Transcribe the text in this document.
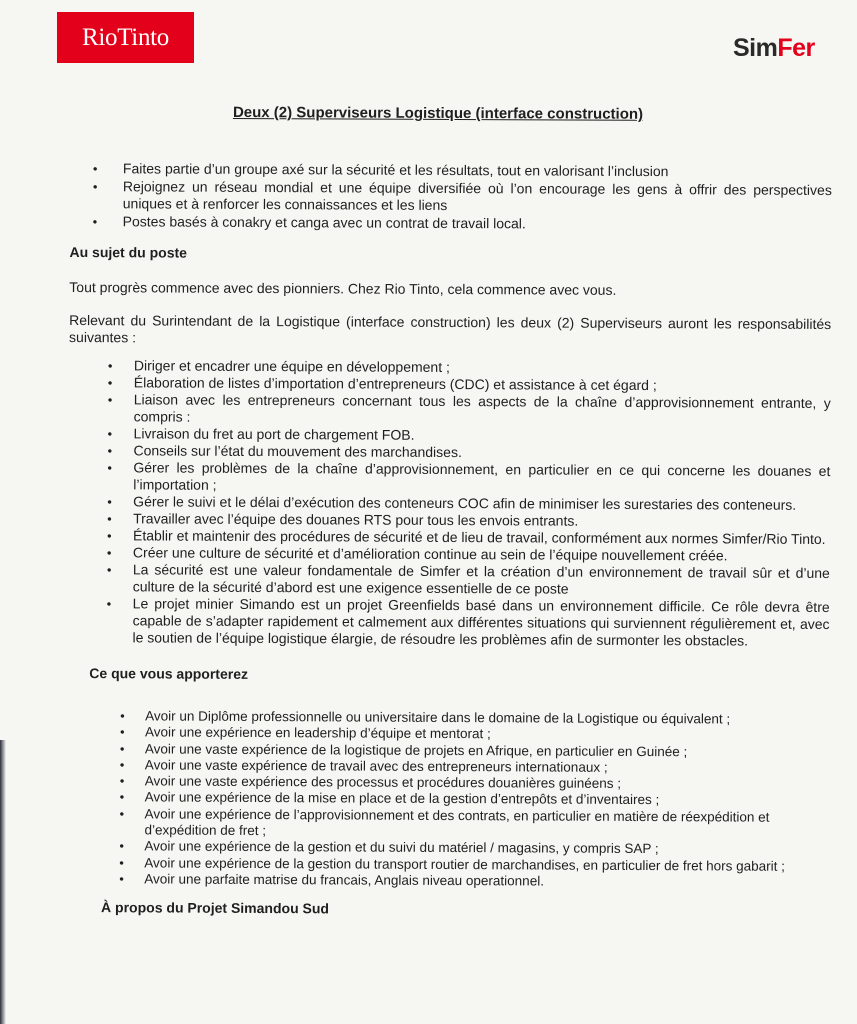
RioTinto	SimFer
Deux (2) Superviseurs Logistique (interface construction)
• Faites partie d’un groupe axé sur la sécurité et les résultats, tout en valorisant l’inclusion
• Rejoignez un réseau mondial et une équipe diversifiée où l’on encourage les gens à offrir des perspectives uniques et à renforcer les connaissances et les liens
• Postes basés à conakry et canga avec un contrat de travail local.
Au sujet du poste

Tout progrès commence avec des pionniers. Chez Rio Tinto, cela commence avec vous.

Relevant du Surintendant de la Logistique (interface construction) les deux (2) Superviseurs auront les responsabilités suivantes :

• Diriger et encadrer une équipe en développement ;
• Élaboration de listes d’importation d’entrepreneurs (CDC) et assistance à cet égard ;
• Liaison avec les entrepreneurs concernant tous les aspects de la chaîne d’approvisionnement entrante, y compris :
• Livraison du fret au port de chargement FOB.
• Conseils sur l’état du mouvement des marchandises.
• Gérer les problèmes de la chaîne d’approvisionnement, en particulier en ce qui concerne les douanes et l’importation ;
• Gérer le suivi et le délai d’exécution des conteneurs COC afin de minimiser les surestaries des conteneurs.
• Travailler avec l’équipe des douanes RTS pour tous les envois entrants.
• Établir et maintenir des procédures de sécurité et de lieu de travail, conformément aux normes Simfer/Rio Tinto.
• Créer une culture de sécurité et d’amélioration continue au sein de l’équipe nouvellement créée.
• La sécurité est une valeur fondamentale de Simfer et la création d’un environnement de travail sûr et d’une culture de la sécurité d’abord est une exigence essentielle de ce poste
• Le projet minier Simando est un projet Greenfields basé dans un environnement difficile. Ce rôle devra être capable de s’adapter rapidement et calmement aux différentes situations qui surviennent régulièrement et, avec le soutien de l’équipe logistique élargie, de résoudre les problèmes afin de surmonter les obstacles.
Ce que vous apporterez
• Avoir un Diplôme professionnelle ou universitaire dans le domaine de la Logistique ou équivalent ;
• Avoir une expérience en leadership d’équipe et mentorat ;
• Avoir une vaste expérience de la logistique de projets en Afrique, en particulier en Guinée ;
• Avoir une vaste expérience de travail avec des entrepreneurs internationaux ;
• Avoir une vaste expérience des processus et procédures douanières guinéens ;
• Avoir une expérience de la mise en place et de la gestion d’entrepôts et d’inventaires ;
• Avoir une expérience de l’approvisionnement et des contrats, en particulier en matière de réexpédition et d’expédition de fret ;
• Avoir une expérience de la gestion et du suivi du matériel / magasins, y compris SAP ;
• Avoir une expérience de la gestion du transport routier de marchandises, en particulier de fret hors gabarit ;
• Avoir une parfaite matrise du francais, Anglais niveau operationnel.
À propos du Projet Simandou Sud
